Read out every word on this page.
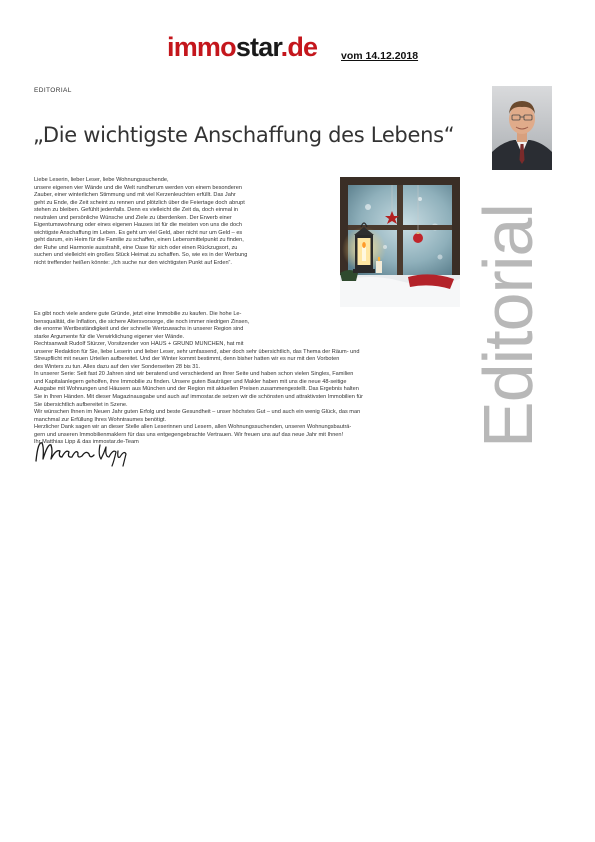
immostar.de vom 14.12.2018
EDITORIAL
„Die wichtigste Anschaffung des Lebens“
Editorial
Liebe Leserin, lieber Leser, liebe Wohnungssuchende,
unsere eigenen vier Wände und die Welt rundherum werden von einem besonderen
Zauber, einer winterlichen Stimmung und mit viel Kerzenleuchten erfüllt. Das Jahr
geht zu Ende, die Zeit scheint zu rennen und plötzlich über die Feiertage doch abrupt
stehen zu bleiben. Gefühlt jedenfalls. Denn es vielleicht die Zeit da, doch einmal in
neutralen und persönliche Wünsche und Ziele zu überdenken. Der Erwerb einer
Eigentumswohnung oder eines eigenen Hauses ist für die meisten von uns die doch
wichtigste Anschaffung im Leben. Es geht um viel Geld, aber nicht nur um Geld – es
geht darum, ein Heim für die Familie zu schaffen, einen Lebensmittelpunkt zu finden,
der Ruhe und Harmonie ausstrahlt, eine Oase für sich oder einen Rückzugsort, zu
suchen und vielleicht ein großes Stück Heimat zu schaffen. So, wie es in der Werbung
nicht treffender heißen könnte: „Ich suche nur den wichtigsten Punkt auf Erden“.
Es gibt noch viele andere gute Gründe, jetzt eine Immobilie zu kaufen. Die hohe Le-
bensqualität, die Inflation, die sichere Altersvorsorge, die noch immer niedrigen Zinsen,
die enorme Wertbeständigkeit und der schnelle Wertzuwachs in unserer Region sind
starke Argumente für die Verwirklichung eigener vier Wände.
Rechtsanwalt Rudolf Stürzer, Vorsitzender von HAUS + GRUND MÜNCHEN, hat mit
unserer Redaktion für Sie, liebe Leserin und lieber Leser, sehr umfassend, aber doch sehr übersichtlich, das Thema der Räum- und
Streupflicht mit neuen Urteilen aufbereitet. Und der Winter kommt bestimmt, denn bisher hatten wir es nur mit den Vorboten
des Winters zu tun. Alles dazu auf den vier Sonderseiten 28 bis 31.
In unserer Serie: Seit fast 20 Jahren sind wir beratend und verschiedend an Ihrer Seite und haben schon vielen Singles, Familien
und Kapitalanlegern geholfen, ihre Immobilie zu finden. Unsere guten Bauträger und Makler haben mit uns die neue 48-seitige
Ausgabe mit Wohnungen und Häusern aus München und der Region mit aktuellen Preisen zusammengestellt. Das Ergebnis halten
Sie in Ihren Händen. Mit dieser Magazinausgabe und auch auf immostar.de setzen wir die schönsten und attraktivsten Immobilien für
Sie übersichtlich aufbereitet in Szene.
Wir wünschen Ihnen im Neuen Jahr guten Erfolg und beste Gesundheit – unser höchstes Gut – und auch ein wenig Glück, das man
manchmal zur Erfüllung Ihres Wohntraumes benötigt.
Herzlicher Dank sagen wir an dieser Stelle allen Leserinnen und Lesern, allen Wohnungssuchenden, unseren Wohnungsbauträ-
gern und unseren Immobilienmaklern für das uns entgegengebrachte Vertrauen. Wir freuen uns auf das neue Jahr mit Ihnen!
Ihr Matthias Lipp & das immostar.de-Team
